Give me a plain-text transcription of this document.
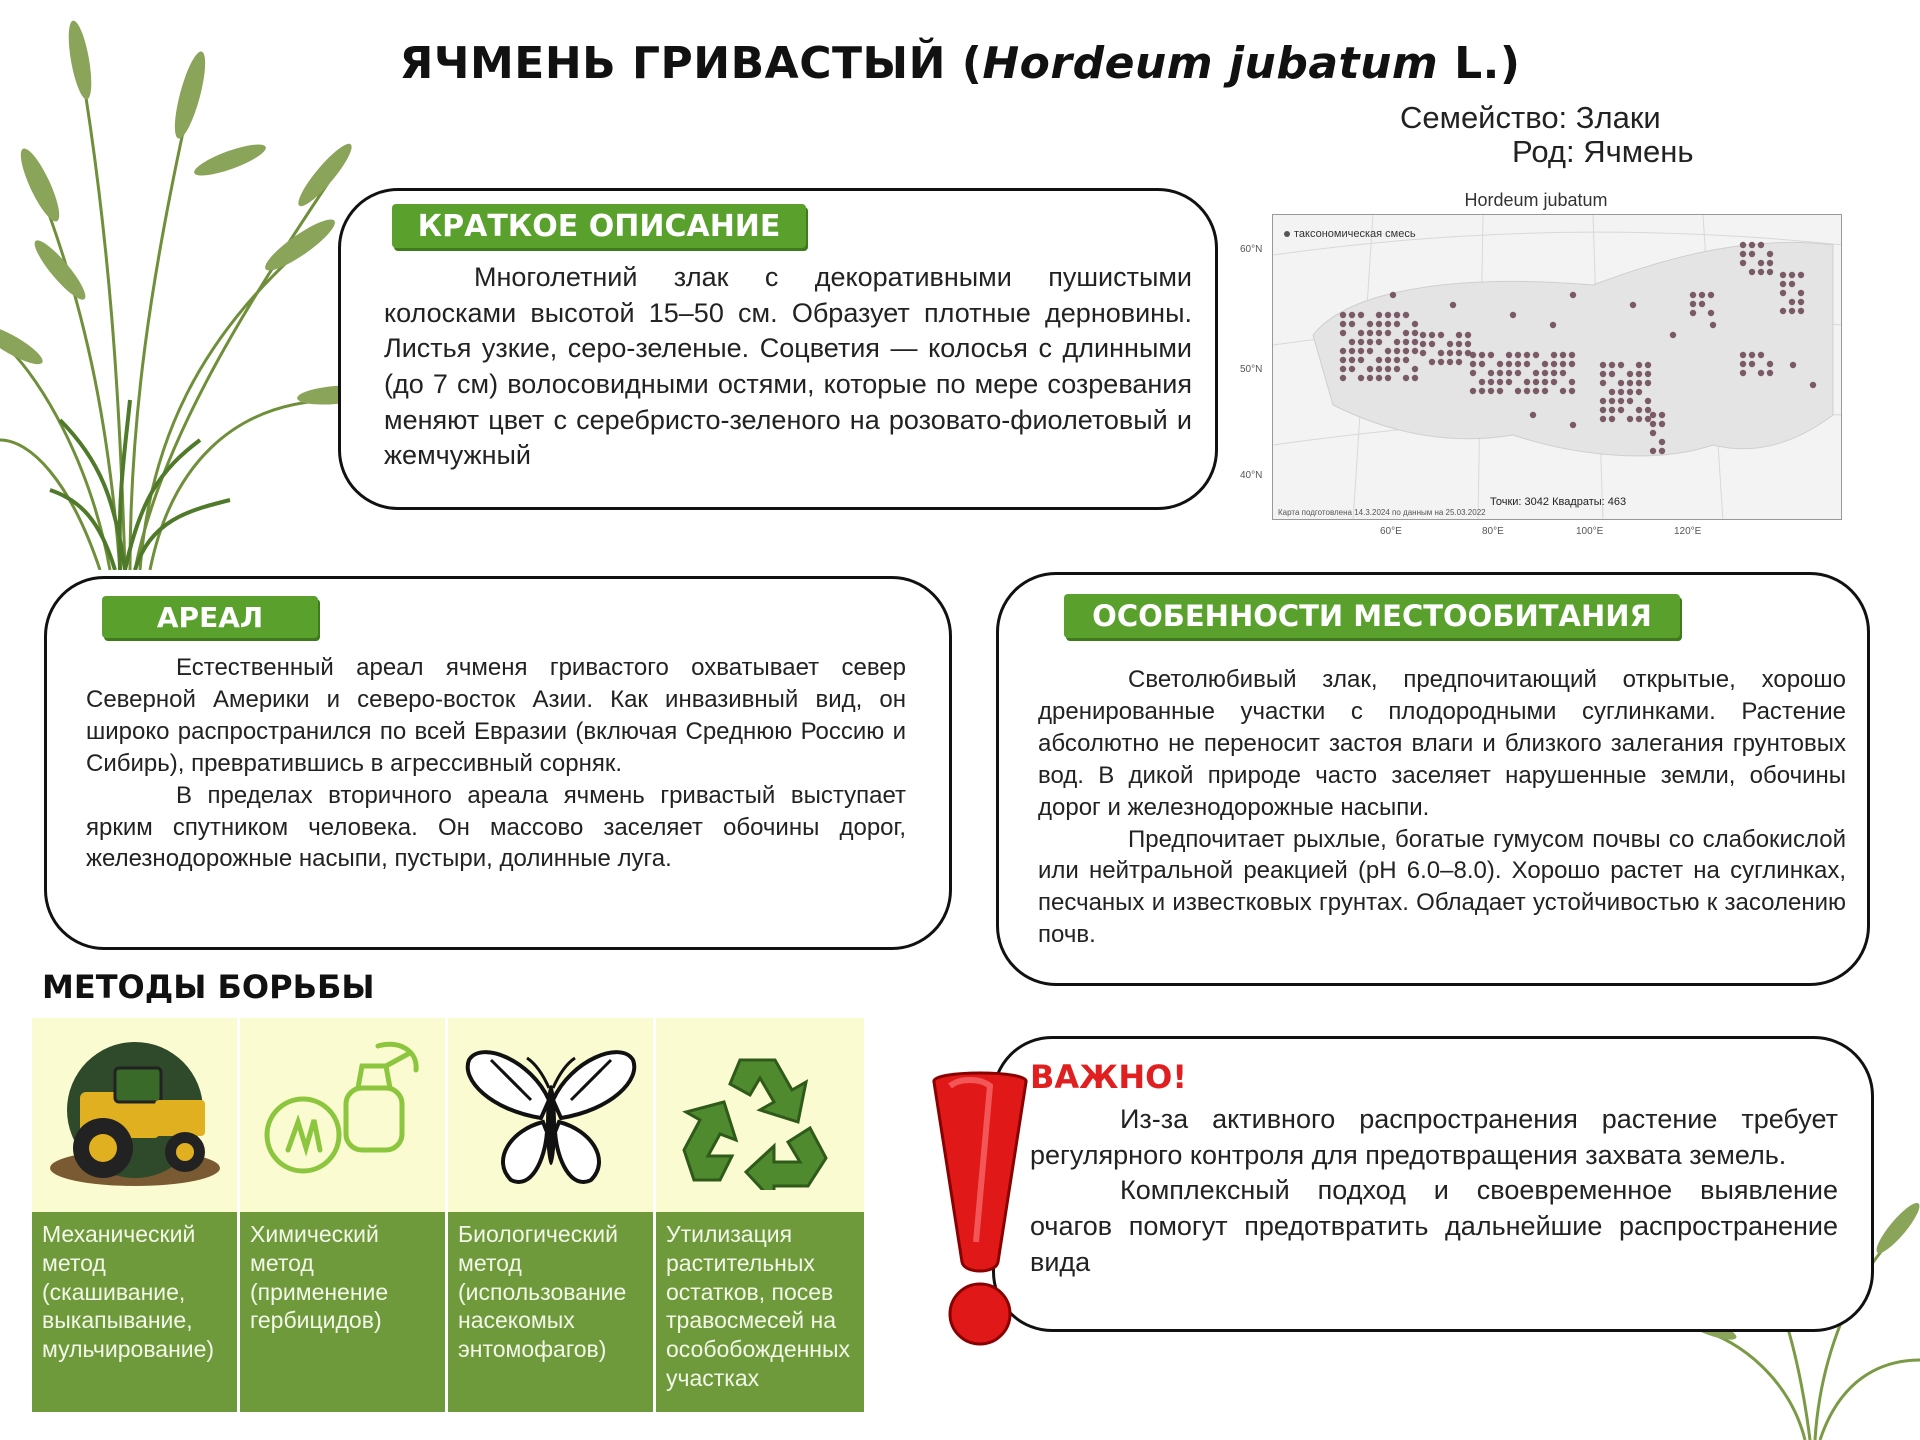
ЯЧМЕНЬ ГРИВАСТЫЙ (Hordeum jubatum L.)
Семейство: Злаки
Род: Ячмень
КРАТКОЕ ОПИСАНИЕ
Многолетний злак с декоративными пушистыми колосками высотой 15–50 см. Образует плотные дерновины. Листья узкие, серо-зеленые. Соцветия — колосья с длинными (до 7 см) волосовидными остями, которые по мере созревания меняют цвет с серебристо-зеленого на розовато-фиолетовый и жемчужный
Hordeum jubatum
таксономическая смесь
60°N
50°N
40°N
60°E	80°E	100°E	120°E
Точки: 3042 Квадраты: 463
Карта подготовлена 14.3.2024 по данным на 25.03.2022
АРЕАЛ

Естественный ареал ячменя гривастого охватывает север Северной Америки и северо-восток Азии. Как инвазивный вид, он широко распространился по всей Евразии (включая Среднюю Россию и Сибирь), превратившись в агрессивный сорняк.

В пределах вторичного ареала ячмень гривастый выступает ярким спутником человека. Он массово заселяет обочины дорог, железнодорожные насыпи, пустыри, долинные луга.

ОСОБЕННОСТИ МЕСТООБИТАНИЯ

Светолюбивый злак, предпочитающий открытые, хорошо дренированные участки с плодородными суглинками. Растение абсолютно не переносит застоя влаги и близкого залегания грунтовых вод. В дикой природе часто заселяет нарушенные земли, обочины дорог и железнодорожные насыпи.

Предпочитает рыхлые, богатые гумусом почвы со слабокислой или нейтральной реакцией (pH 6.0–8.0). Хорошо растет на суглинках, песчаных и известковых грунтах. Обладает устойчивостью к засолению почв.

МЕТОДЫ БОРЬБЫ
Механический метод (скашивание, выкапывание, мульчирование)
Химический метод (применение гербицидов)
Биологический метод (использование насекомых энтомофагов)
Утилизация растительных остатков, посев травосмесей на особобожденных участках
ВАЖНО!

Из-за активного распространения растение требует регулярного контроля для предотвращения захвата земель.

Комплексный подход и своевременное выявление очагов помогут предотвратить дальнейшие распространение вида
